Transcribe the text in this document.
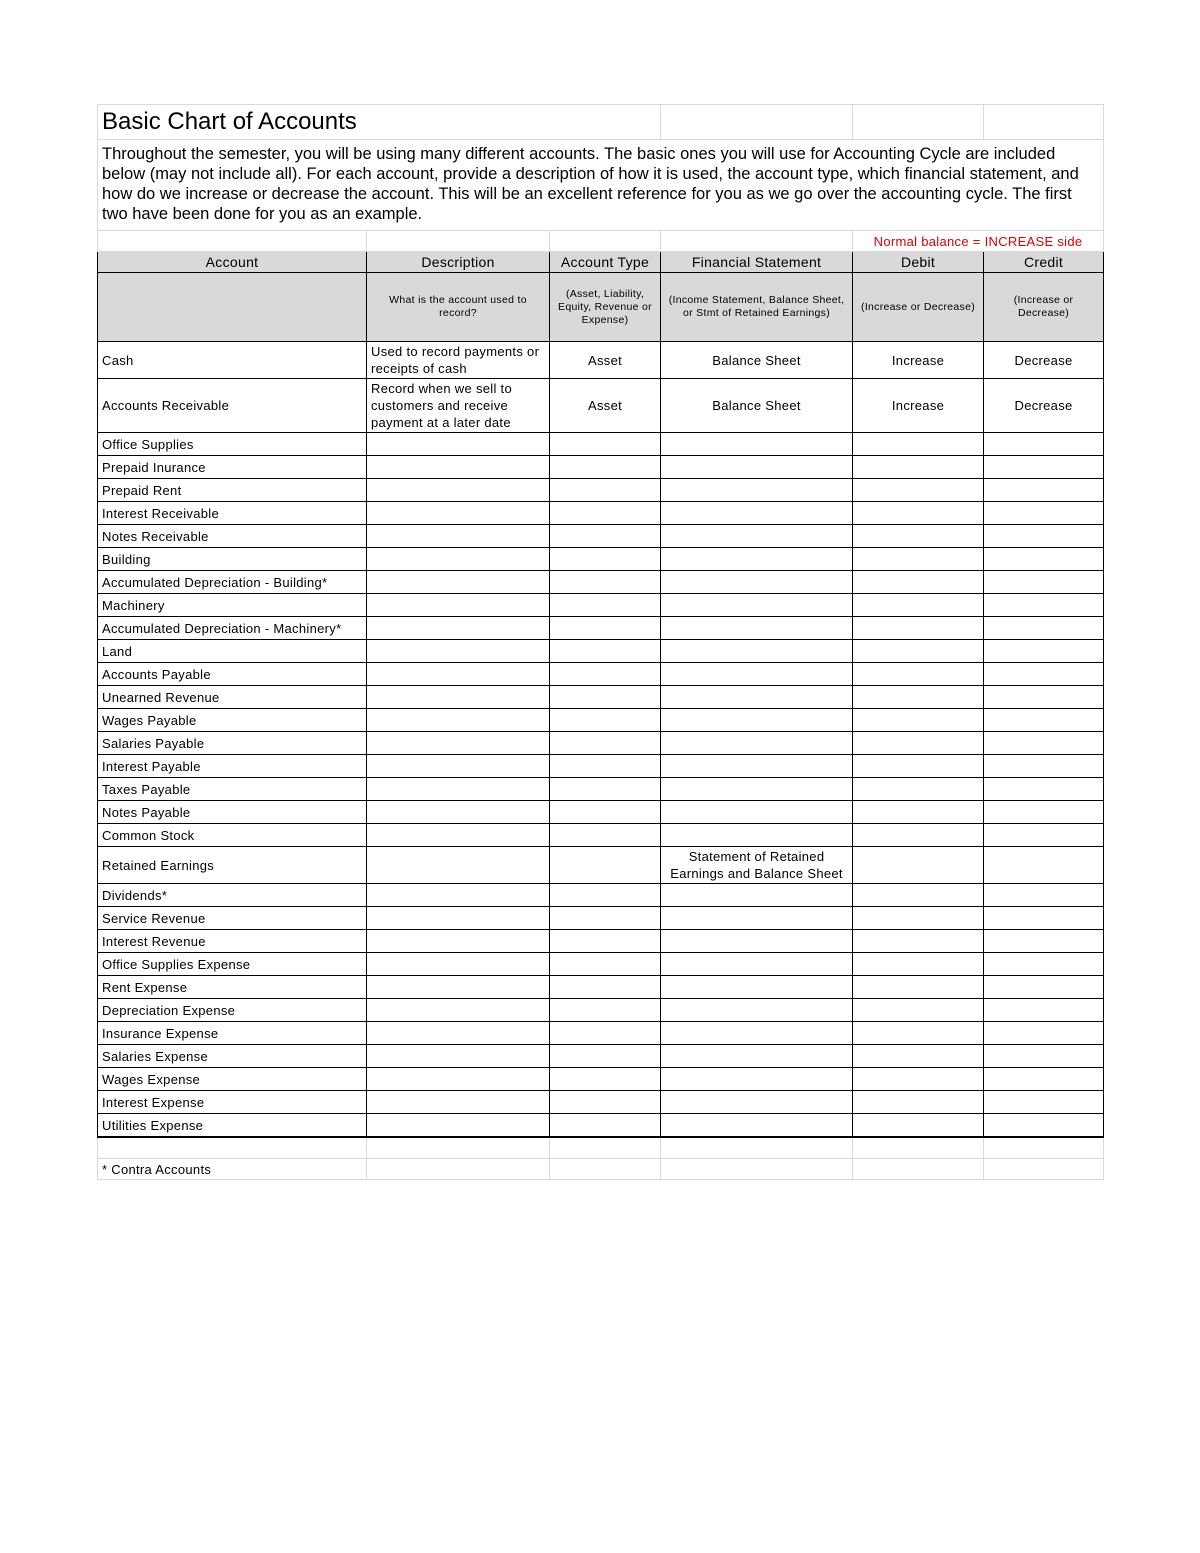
Basic Chart of Accounts					
Throughout the semester, you will be using many different accounts. The basic ones you will use for Accounting Cycle are included below (may not include all). For each account, provide a description of how it is used, the account type, which financial statement, and how do we increase or decrease the account. This will be an excellent reference for you as we go over the accounting cycle. The first two have been done for you as an example.					
				Normal balance = INCREASE side	
Account	Description	Account Type	Financial Statement	Debit	Credit
	What is the account used to record?	(Asset, Liability, Equity, Revenue or Expense)	(Income Statement, Balance Sheet, or Stmt of Retained Earnings)	(Increase or Decrease)	(Increase or Decrease)
Cash	Used to record payments or receipts of cash	Asset	Balance Sheet	Increase	Decrease
Accounts Receivable	Record when we sell to customers and receive payment at a later date	Asset	Balance Sheet	Increase	Decrease
Office Supplies					
Prepaid Inurance					
Prepaid Rent					
Interest Receivable					
Notes Receivable					
Building					
Accumulated Depreciation - Building*					
Machinery					
Accumulated Depreciation - Machinery*					
Land					
Accounts Payable					
Unearned Revenue					
Wages Payable					
Salaries Payable					
Interest Payable					
Taxes Payable					
Notes Payable					
Common Stock					
Retained Earnings			Statement of Retained Earnings and Balance Sheet		
Dividends*					
Service Revenue					
Interest Revenue					
Office Supplies Expense					
Rent Expense					
Depreciation Expense					
Insurance Expense					
Salaries Expense					
Wages Expense					
Interest Expense					
Utilities Expense					

* Contra Accounts					
